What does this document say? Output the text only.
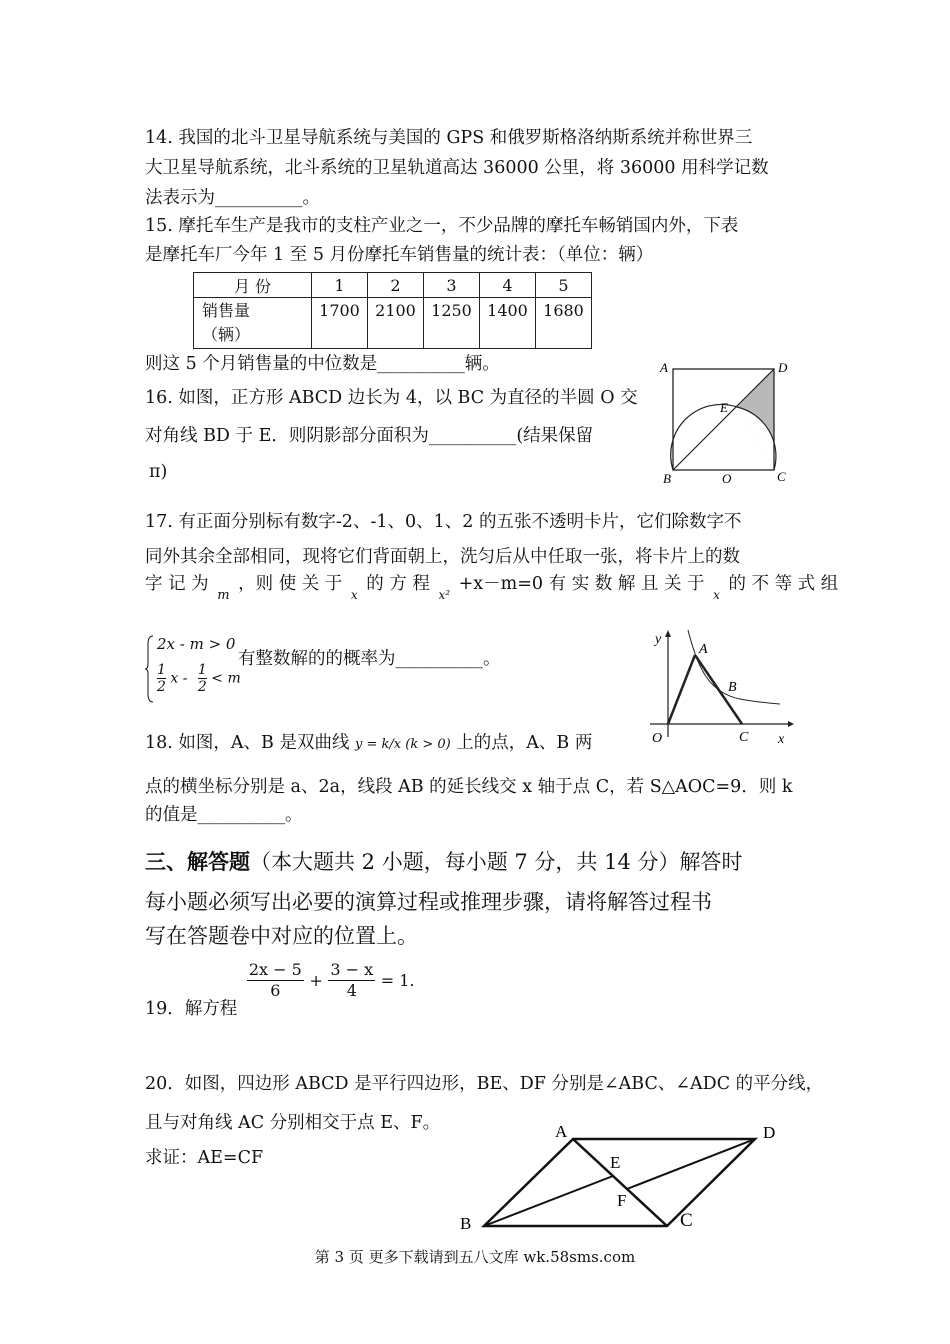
14. 我国的北斗卫星导航系统与美国的 GPS 和俄罗斯格洛纳斯系统并称世界三
大卫星导航系统，北斗系统的卫星轨道高达 36000 公里，将 36000 用科学记数
法表示为__________。
15. 摩托车生产是我市的支柱产业之一，不少品牌的摩托车畅销国内外，下表
是摩托车厂今年 1 至 5 月份摩托车销售量的统计表：（单位：辆）
月 份	1	2	3	4	5

销售量
（辆）	1700	2100	1250	1400	1680
则这 5 个月销售量的中位数是__________辆。
16. 如图，正方形 ABCD 边长为 4，以 BC 为直径的半圆 O 交
对角线 BD 于 E．则阴影部分面积为__________(结果保留
π)
A	D
E
B	O	C
17. 有正面分别标有数字-2、-1、0、1、2 的五张不透明卡片，它们除数字不
同外其余全部相同，现将它们背面朝上，洗匀后从中任取一张，将卡片上的数
字 记 为 $_m$ ，则 使 关 于 $_x$ 的 方 程 $_{x^2}$ +x－m=0 有 实 数 解 且 关 于 $_x$ 的 不 等 式 组
2x - m > 0
$\frac{1}{2}$ $x - \frac{1}{2} < m$
有整数解的的概率为__________。
y
A
B
O	C x
18. 如图，A、B 是双曲线 y = k/x (k > 0) 上的点，A、B 两
点的横坐标分别是 a、2a，线段 AB 的延长线交 x 轴于点 C，若 S△AOC=9．则 k
的值是__________。
三、解答题（本大题共 2 小题，每小题 7 分，共 14 分）解答时
每小题必须写出必要的演算过程或推理步骤，请将解答过程书
写在答题卷中对应的位置上。
19．解方程
$\frac{2x - 5}{6} + \frac{3 - x}{4} = 1$.
20．如图，四边形 ABCD 是平行四边形，BE、DF 分别是∠ABC、∠ADC 的平分线，
且与对角线 AC 分别相交于点 E、F。
求证：AE=CF
A	D
E
F
B	C
第 3 页 更多下载请到五八文库 wk.58sms.com
